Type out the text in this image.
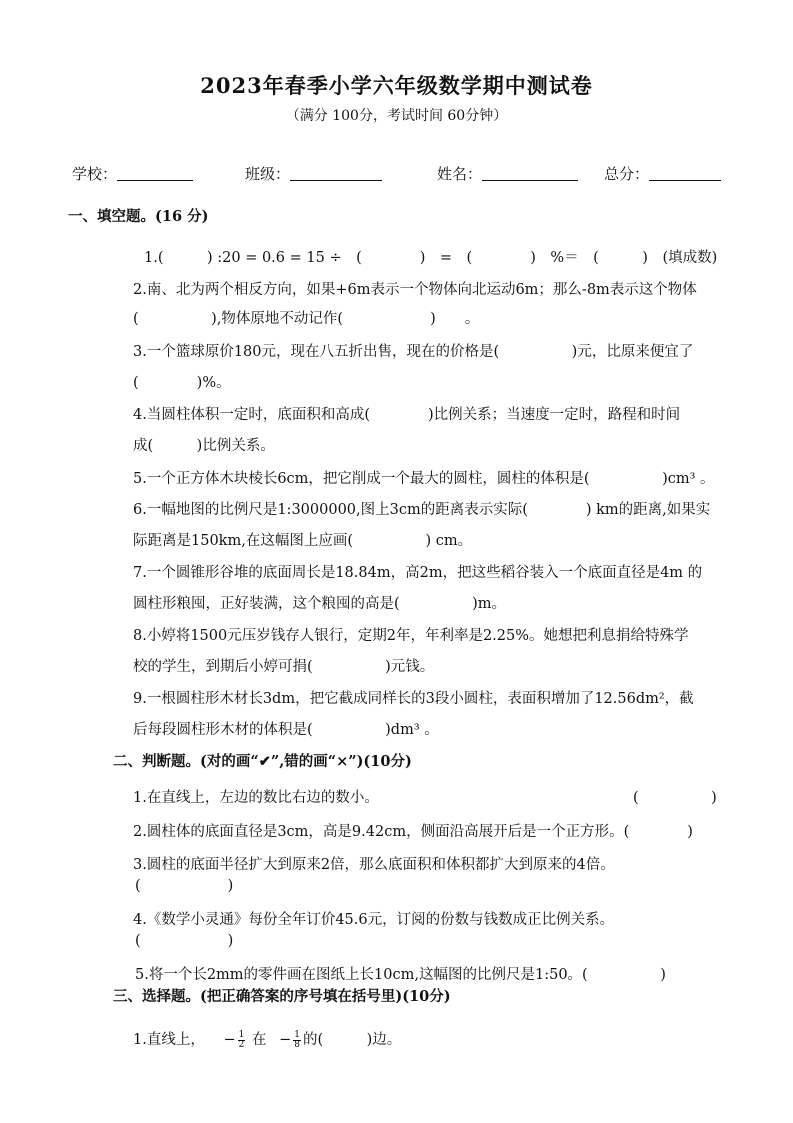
2023年春季小学六年级数学期中测试卷
（满分 100分，考试时间 60分钟）
学校：	班级：	姓名：	总分：
一、填空题。(16 分)
1.(　　　) :20 = 0.6 = 15 ÷　(　　　　)　=　(　　　　)　%＝　(　　　)　(填成数)
2.南、北为两个相反方向，如果+6m表示一个物体向北运动6m；那么-8m表示这个物体
(　　　　　),物体原地不动记作(　　　　　　)　　。
3.一个篮球原价180元，现在八五折出售，现在的价格是(　　　　　)元，比原来便宜了
(　　　　)%。
4.当圆柱体积一定时，底面积和高成(　　　　)比例关系；当速度一定时，路程和时间
成(　　　)比例关系。
5.一个正方体木块棱长6cm，把它削成一个最大的圆柱，圆柱的体积是(　　　　　)cm³ 。
6.一幅地图的比例尺是1:3000000,图上3cm的距离表示实际(　　　　) km的距离,如果实
际距离是150km,在这幅图上应画(　　　　　) cm。
7.一个圆锥形谷堆的底面周长是18.84m，高2m，把这些稻谷装入一个底面直径是4m 的
圆柱形粮囤，正好装满，这个粮囤的高是(　　　　　)m。
8.小婷将1500元压岁钱存人银行，定期2年，年利率是2.25%。她想把利息捐给特殊学
校的学生，到期后小婷可捐(　　　　　)元钱。
9.一根圆柱形木材长3dm，把它截成同样长的3段小圆柱，表面积增加了12.56dm²，截
后每段圆柱形木材的体积是(　　　　　)dm³ 。
二、判断题。(对的画“✔”,错的画“×”)(10分)
1.在直线上，左边的数比右边的数小。	(　　　　　)
2.圆柱体的底面直径是3cm，高是9.42cm，侧面沿高展开后是一个正方形。(　　　　)
3.圆柱的底面半径扩大到原来2倍，那么底面积和体积都扩大到原来的4倍。
(　　　　　　)
4.《数学小灵通》每份全年订价45.6元，订阅的份数与钱数成正比例关系。
(　　　　　　)
5.将一个长2mm的零件画在图纸上长10cm,这幅图的比例尺是1:50。(　　　　　)
三、选择题。(把正确答案的序号填在括号里)(10分)
1.直线上， − $\frac{1}{2}$ 在 − $\frac{1}{8}$ 的(　　　)边。
